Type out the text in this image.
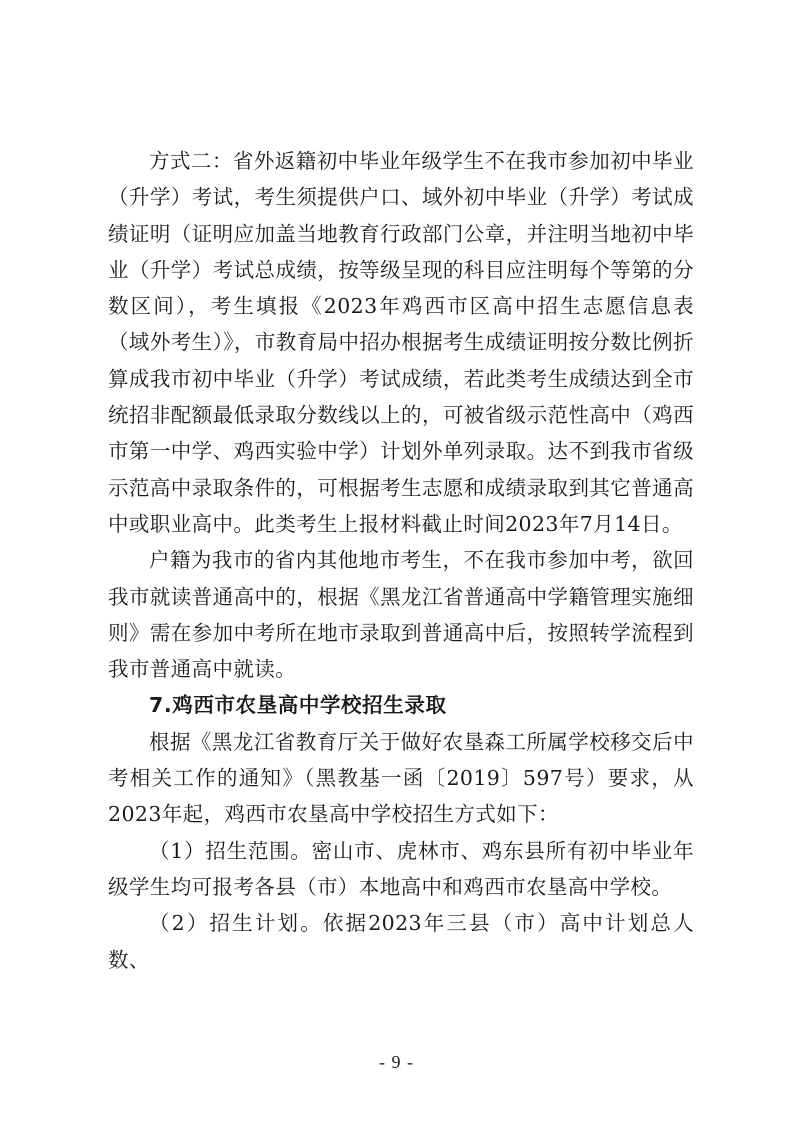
方式二：省外返籍初中毕业年级学生不在我市参加初中毕业（升学）考试，考生须提供户口、域外初中毕业（升学）考试成绩证明（证明应加盖当地教育行政部门公章，并注明当地初中毕业（升学）考试总成绩，按等级呈现的科目应注明每个等第的分数区间），考生填报《2023年鸡西市区高中招生志愿信息表（域外考生）》，市教育局中招办根据考生成绩证明按分数比例折算成我市初中毕业（升学）考试成绩，若此类考生成绩达到全市统招非配额最低录取分数线以上的，可被省级示范性高中（鸡西市第一中学、鸡西实验中学）计划外单列录取。达不到我市省级示范高中录取条件的，可根据考生志愿和成绩录取到其它普通高中或职业高中。此类考生上报材料截止时间2023年7月14日。

户籍为我市的省内其他地市考生，不在我市参加中考，欲回我市就读普通高中的，根据《黑龙江省普通高中学籍管理实施细则》需在参加中考所在地市录取到普通高中后，按照转学流程到我市普通高中就读。

7.鸡西市农垦高中学校招生录取

根据《黑龙江省教育厅关于做好农垦森工所属学校移交后中考相关工作的通知》（黑教基一函〔2019〕597号）要求，从2023年起，鸡西市农垦高中学校招生方式如下：

（1）招生范围。密山市、虎林市、鸡东县所有初中毕业年级学生均可报考各县（市）本地高中和鸡西市农垦高中学校。

（2）招生计划。依据2023年三县（市）高中计划总人数、

- 9 -
